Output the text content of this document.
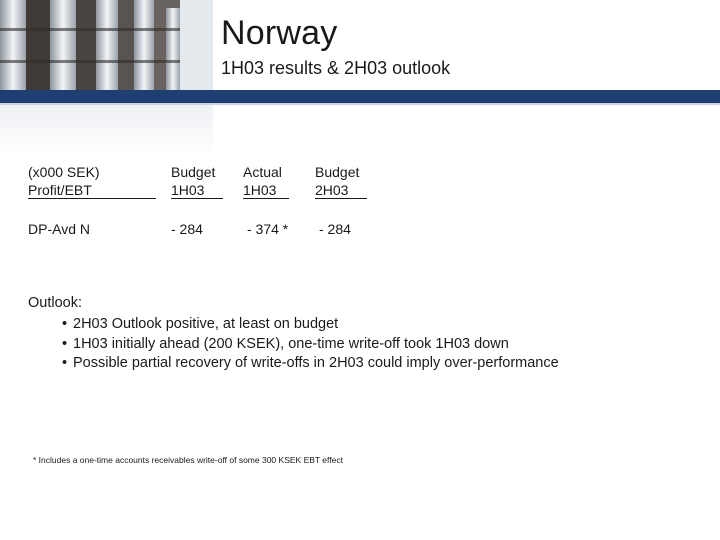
Norway
1H03 results & 2H03 outlook
(x000 SEK)
Profit/EBT
Budget
1H03
Actual
1H03
Budget
2H03
DP-Avd N	- 284	- 374 * - 284
Outlook:
• 2H03 Outlook positive, at least on budget
• 1H03 initially ahead (200 KSEK), one-time write-off took 1H03 down
• Possible partial recovery of write-offs in 2H03 could imply over-performance
* Includes a one-time accounts receivables write-off of some 300 KSEK EBT effect
